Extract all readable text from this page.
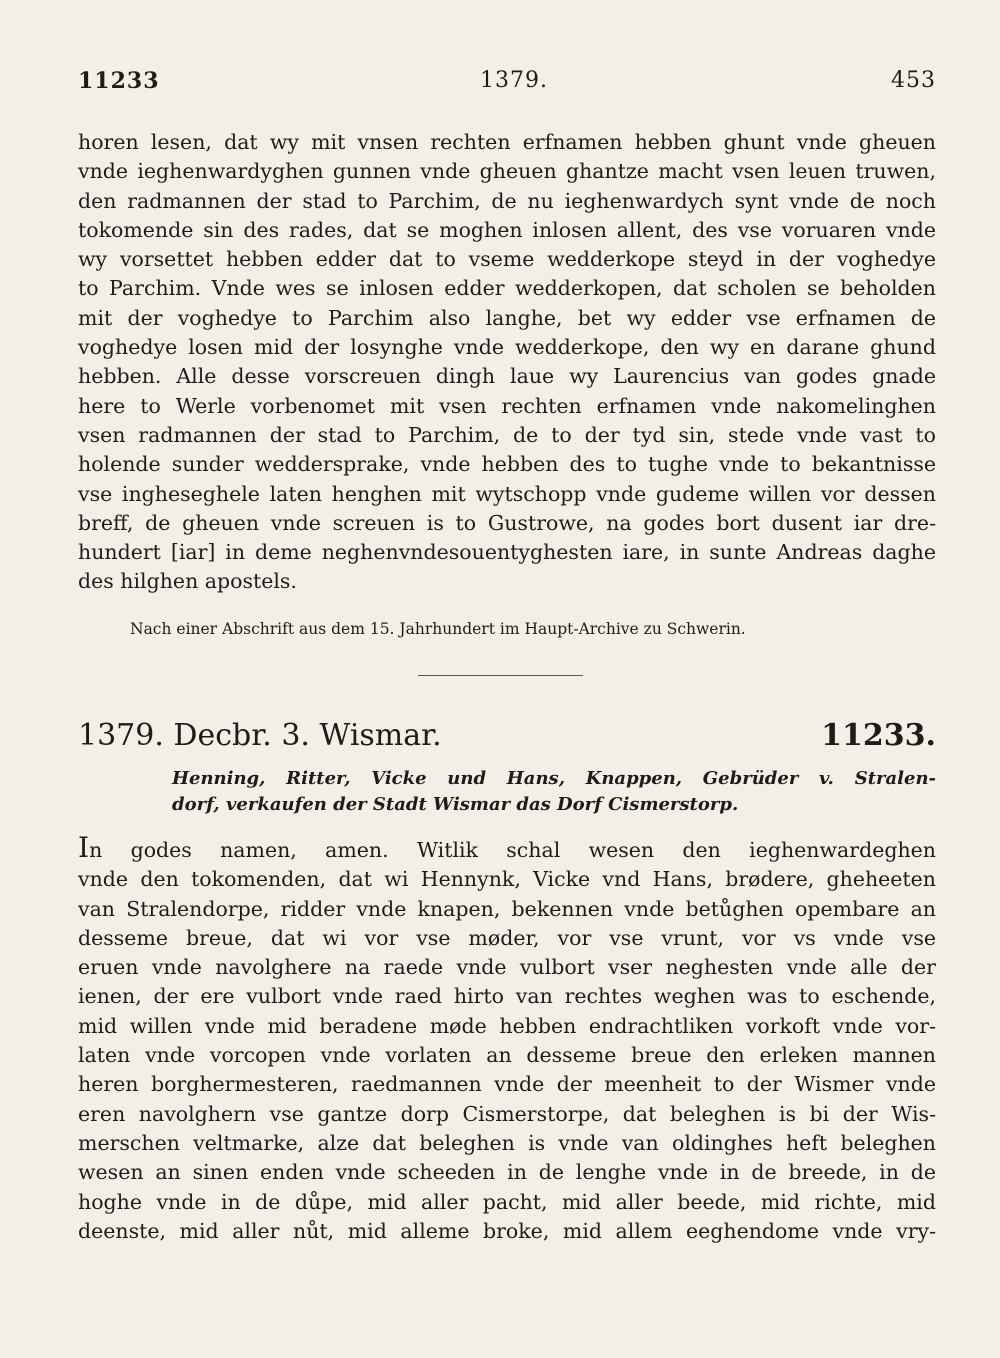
11233	1379.	453
horen lesen, dat wy mit vnsen rechten erfnamen hebben ghunt vnde gheuen
vnde ieghenwardyghen gunnen vnde gheuen ghantze macht vsen leuen truwen,
den radmannen der stad to Parchim, de nu ieghenwardych synt vnde de noch
tokomende sin des rades, dat se moghen inlosen allent, des vse voruaren vnde
wy vorsettet hebben edder dat to vseme wedderkope steyd in der voghedye
to Parchim. Vnde wes se inlosen edder wedderkopen, dat scholen se beholden
mit der voghedye to Parchim also langhe, bet wy edder vse erfnamen de
voghedye losen mid der losynghe vnde wedderkope, den wy en darane ghund
hebben. Alle desse vorscreuen dingh laue wy Laurencius van godes gnade
here to Werle vorbenomet mit vsen rechten erfnamen vnde nakomelinghen
vsen radmannen der stad to Parchim, de to der tyd sin, stede vnde vast to
holende sunder weddersprake, vnde hebben des to tughe vnde to bekantnisse
vse ingheseghele laten henghen mit wytschopp vnde gudeme willen vor dessen
breff, de gheuen vnde screuen is to Gustrowe, na godes bort dusent iar dre-
hundert [iar] in deme neghenvndesouentyghesten iare, in sunte Andreas daghe
des hilghen apostels.
Nach einer Abschrift aus dem 15. Jahrhundert im Haupt-Archive zu Schwerin.
1379. Decbr. 3. Wismar.	11233.
Henning, Ritter, Vicke und Hans, Knappen, Gebrüder v. Stralen-
dorf, verkaufen der Stadt Wismar das Dorf Cismerstorp.
In godes namen, amen. Witlik schal wesen den ieghenwardeghen
vnde den tokomenden, dat wi Hennynk, Vicke vnd Hans, brødere, gheheeten
van Stralendorpe, ridder vnde knapen, bekennen vnde betůghen opembare an
desseme breue, dat wi vor vse møder, vor vse vrunt, vor vs vnde vse
eruen vnde navolghere na raede vnde vulbort vser neghesten vnde alle der
ienen, der ere vulbort vnde raed hirto van rechtes weghen was to eschende,
mid willen vnde mid beradene møde hebben endrachtliken vorkoft vnde vor-
laten vnde vorcopen vnde vorlaten an desseme breue den erleken mannen
heren borghermesteren, raedmannen vnde der meenheit to der Wismer vnde
eren navolghern vse gantze dorp Cismerstorpe, dat beleghen is bi der Wis-
merschen veltmarke, alze dat beleghen is vnde van oldinghes heft beleghen
wesen an sinen enden vnde scheeden in de lenghe vnde in de breede, in de
hoghe vnde in de důpe, mid aller pacht, mid aller beede, mid richte, mid
deenste, mid aller nůt, mid alleme broke, mid allem eeghendome vnde vry-
